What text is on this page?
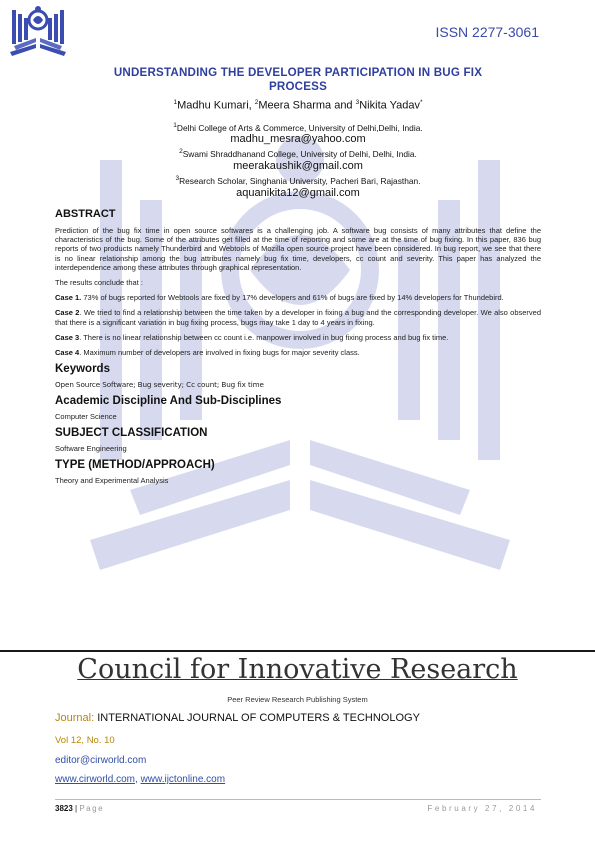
ISSN 2277-3061
UNDERSTANDING THE DEVELOPER PARTICIPATION IN BUG FIX
PROCESS
$^1$Madhu Kumari, $^2$Meera Sharma and $^3$Nikita Yadav*
$^1$Delhi College of Arts & Commerce, University of Delhi,Delhi, India.
madhu_mesra@yahoo.com
$^2$Swami Shraddhanand College, University of Delhi, Delhi, India.
meerakaushik@gmail.com
$^3$Research Scholar, Singhania University, Pacheri Bari, Rajasthan.
aquanikita12@gmail.com
ABSTRACT
Prediction of the bug fix time in open source softwares is a challenging job. A software bug consists of many attributes that define the characteristics of the bug. Some of the attributes get filled at the time of reporting and some are at the time of bug fixing. In this paper, 836 bug reports of two products namely Thunderbird and Webtools of Mozilla open source project have been considered. In bug report, we see that there is no linear relationship among the bug attributes namely bug fix time, developers, cc count and severity. This paper has analyzed the interdependence among these attributes through graphical representation.
The results conclude that :
Case 1. 73% of bugs reported for Webtools are fixed by 17% developers and 61% of bugs are fixed by 14% developers for Thundebird.
Case 2. We tried to find a relationship between the time taken by a developer in fixing a bug and the corresponding developer. We also observed that there is a significant variation in bug fixing process, bugs may take 1 day to 4 years in fixing.
Case 3. There is no linear relationship between cc count i.e. manpower involved in bug fixing process and bug fix time.
Case 4. Maximum number of developers are involved in fixing bugs for major severity class.
Keywords
Open Source Software; Bug severity; Cc count; Bug fix time
Academic Discipline And Sub-Disciplines
Computer Science
SUBJECT CLASSIFICATION
Software Engineering
TYPE (METHOD/APPROACH)
Theory and Experimental Analysis
Council for Innovative Research
Peer Review Research Publishing System
Journal: INTERNATIONAL JOURNAL OF COMPUTERS & TECHNOLOGY
Vol 12, No. 10
editor@cirworld.com
www.cirworld.com, www.ijctonline.com
3823 | Page	February 27, 2014
